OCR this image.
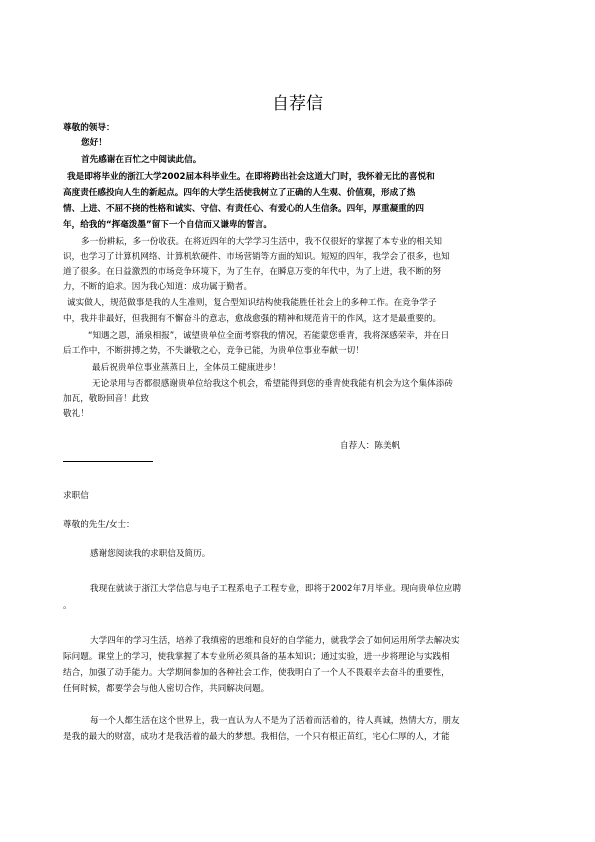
自荐信
尊敬的领导：
您好！
首先感谢在百忙之中阅读此信。
我是即将毕业的浙江大学2002届本科毕业生。在即将跨出社会这道大门时，我怀着无比的喜悦和
高度责任感投向人生的新起点。四年的大学生活使我树立了正确的人生观、价值观，形成了热
情、上进、不屈不挠的性格和诚实、守信、有责任心、有爱心的人生信条。四年，厚重凝重的四
年，给我的“挥毫泼墨”留下一个自信而又谦卑的誓言。
多一份耕耘，多一份收获。在将近四年的大学学习生活中，我不仅很好的掌握了本专业的相关知
识，也学习了计算机网络、计算机软硬件、市场营销等方面的知识。短短的四年，我学会了很多，也知
道了很多。在日益激烈的市场竞争环境下，为了生存，在瞬息万变的年代中，为了上进，我不断的努
力，不断的追求。因为我心知道：成功属于勤者。
诚实做人，规范做事是我的人生准则，复合型知识结构使我能胜任社会上的多种工作。在竞争学子
中，我并非最好，但我拥有不懈奋斗的意志，愈战愈强的精神和规范肯干的作风，这才是最重要的。
“知遇之恩，涌泉相报”，诚望贵单位全面考察我的情况，若能蒙您垂青，我将深感荣幸，并在日
后工作中，不断拼搏之势，不失谦敬之心，竞争已能，为贵单位事业奉献一切！
最后祝贵单位事业蒸蒸日上，全体员工健康进步！
无论录用与否都很感谢贵单位给我这个机会，希望能得到您的垂青使我能有机会为这个集体添砖
加瓦，敬盼回音！此致
敬礼！
自荐人：陈美帆
求职信
尊敬的先生/女士：
感谢您阅读我的求职信及简历。
我现在就读于浙江大学信息与电子工程系电子工程专业，即将于2002年7月毕业。现向贵单位应聘
。
大学四年的学习生活，培养了我缜密的思维和良好的自学能力，就我学会了如何运用所学去解决实
际问题。课堂上的学习，使我掌握了本专业所必须具备的基本知识；通过实验，进一步将理论与实践相
结合，加强了动手能力。大学期间参加的各种社会工作，使我明白了一个人不畏艰辛去奋斗的重要性，
任何时候，都要学会与他人密切合作，共同解决问题。
每一个人都生活在这个世界上，我一直认为人不是为了活着而活着的，待人真诚，热情大方，朋友
是我的最大的财富，成功才是我活着的最大的梦想。我相信，一个只有根正苗红，宅心仁厚的人，才能
